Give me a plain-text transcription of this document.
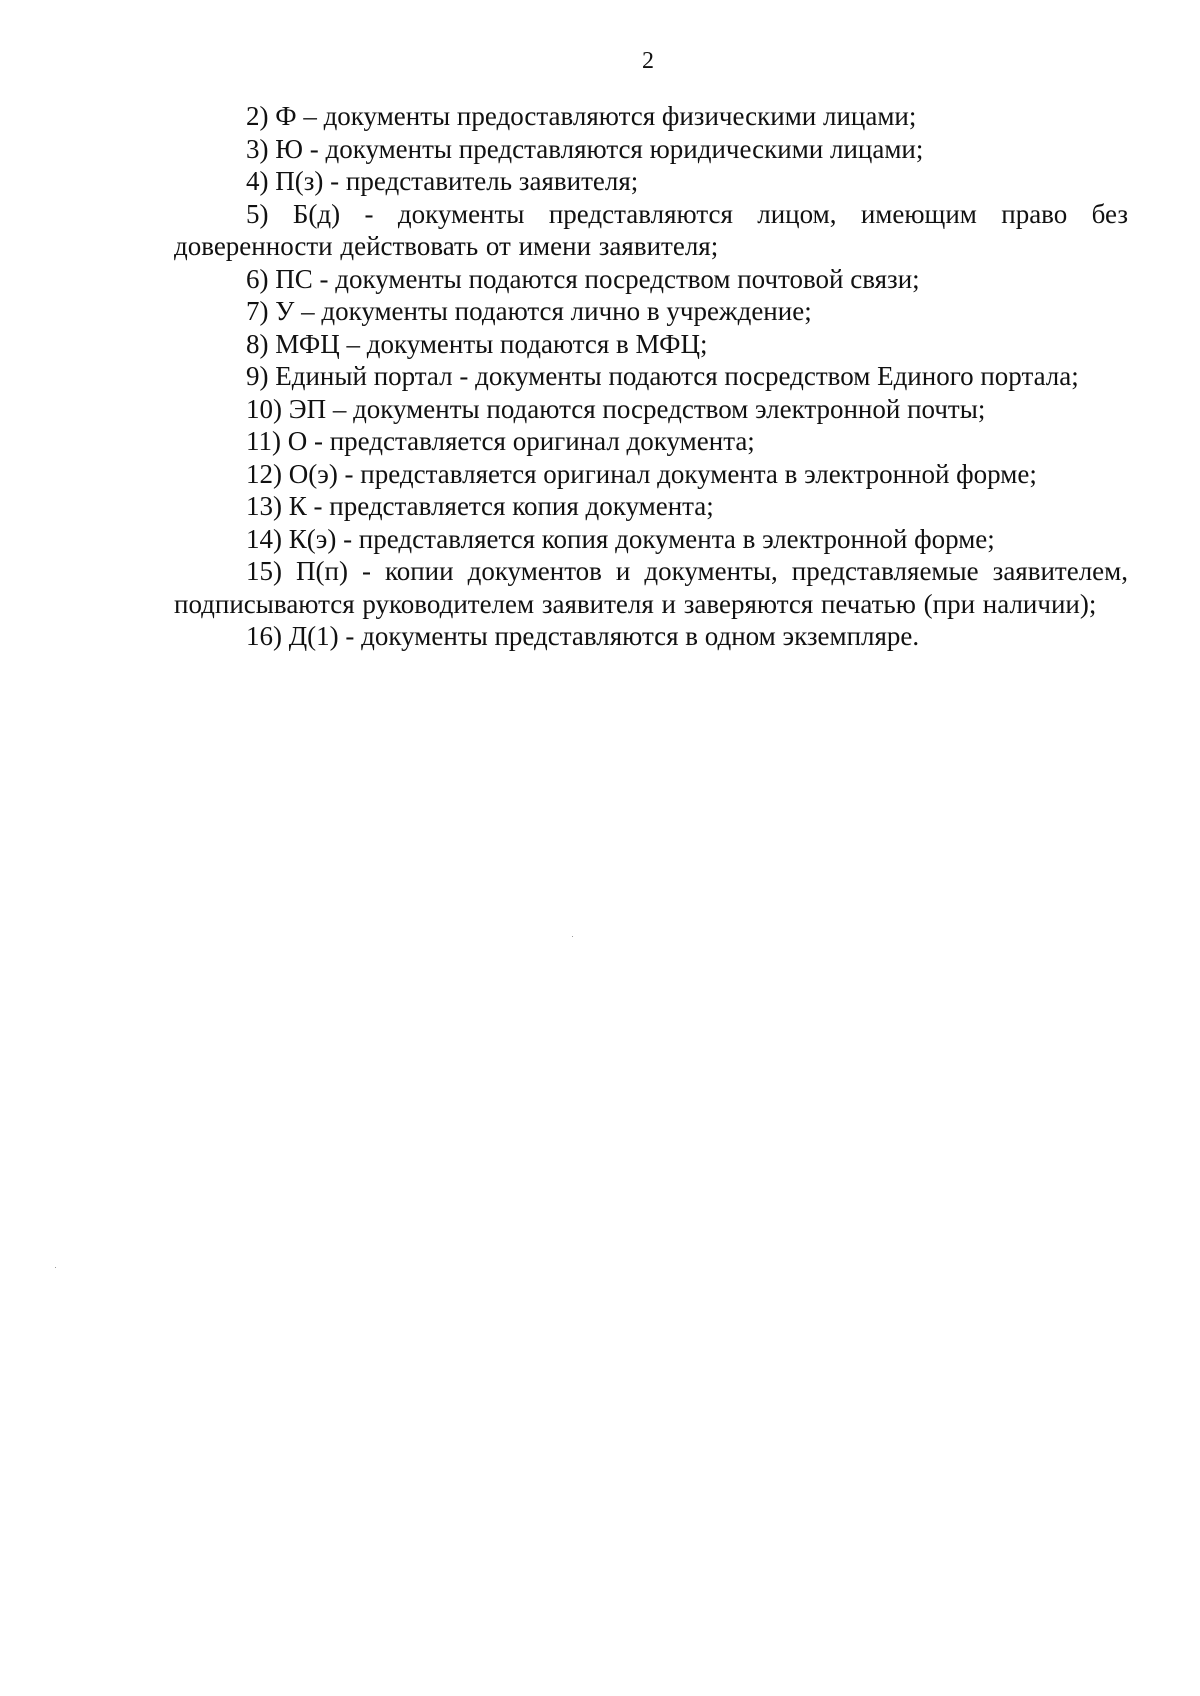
2

2) Ф – документы предоставляются физическими лицами;

3) Ю - документы представляются юридическими лицами;

4) П(з) - представитель заявителя;

5) Б(д) - документы представляются лицом, имеющим право без доверенности действовать от имени заявителя;

6) ПС - документы подаются посредством почтовой связи;

7) У – документы подаются лично в учреждение;

8) МФЦ – документы подаются в МФЦ;

9) Единый портал - документы подаются посредством Единого портала;

10) ЭП – документы подаются посредством электронной почты;

11) О - представляется оригинал документа;

12) О(э) - представляется оригинал документа в электронной форме;

13) К - представляется копия документа;

14) К(э) - представляется копия документа в электронной форме;

15) П(п) - копии документов и документы, представляемые заявителем, подписываются руководителем заявителя и заверяются печатью (при наличии);

16) Д(1) - документы представляются в одном экземпляре.
